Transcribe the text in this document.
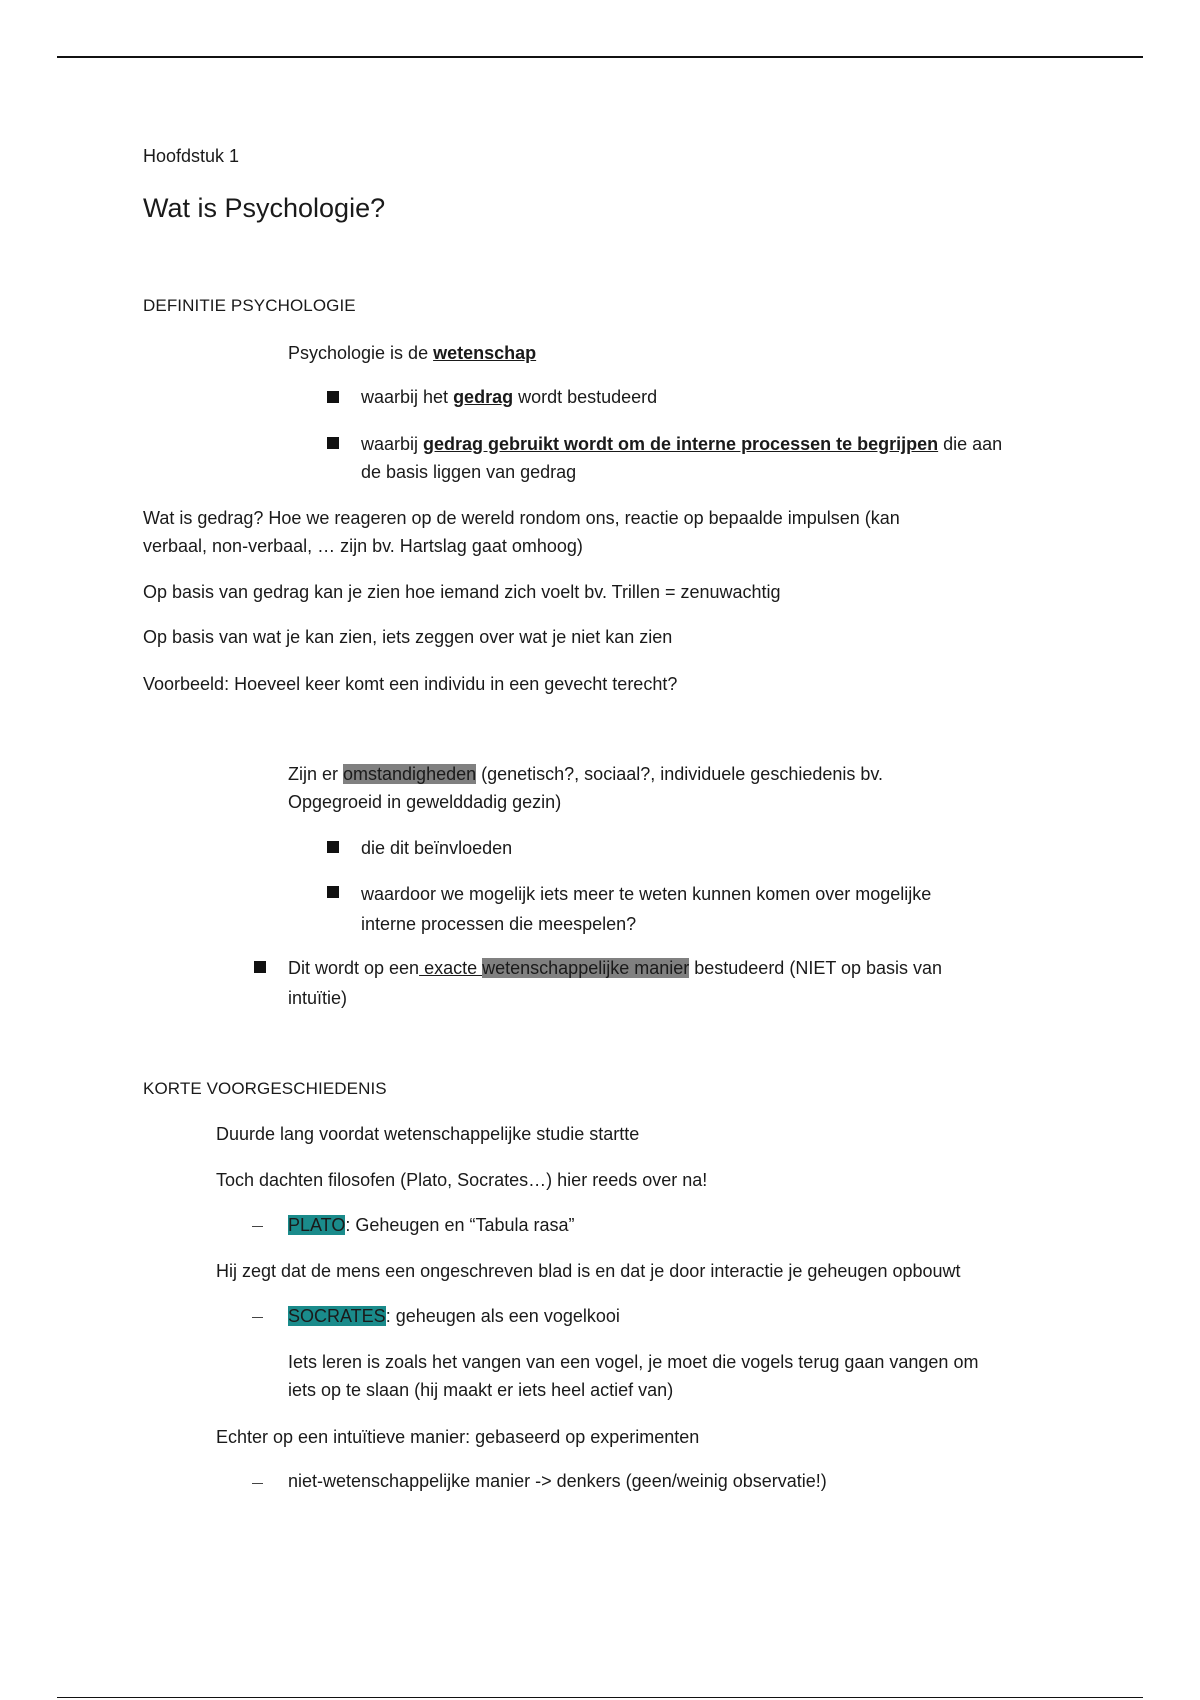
Hoofdstuk 1
Wat is Psychologie?
DEFINITIE PSYCHOLOGIE
Psychologie is de wetenschap
waarbij het gedrag wordt bestudeerd
waarbij gedrag gebruikt wordt om de interne processen te begrijpen die aan
de basis liggen van gedrag
Wat is gedrag? Hoe we reageren op de wereld rondom ons, reactie op bepaalde impulsen (kan
verbaal, non-verbaal, … zijn bv. Hartslag gaat omhoog)
Op basis van gedrag kan je zien hoe iemand zich voelt bv. Trillen = zenuwachtig
Op basis van wat je kan zien, iets zeggen over wat je niet kan zien
Voorbeeld: Hoeveel keer komt een individu in een gevecht terecht?
Zijn er omstandigheden (genetisch?, sociaal?, individuele geschiedenis bv.
Opgegroeid in gewelddadig gezin)
die dit beïnvloeden
waardoor we mogelijk iets meer te weten kunnen komen over mogelijke
interne processen die meespelen?
Dit wordt op een exacte wetenschappelijke manier bestudeerd (NIET op basis van
intuïtie)
KORTE VOORGESCHIEDENIS
Duurde lang voordat wetenschappelijke studie startte
Toch dachten filosofen (Plato, Socrates…) hier reeds over na!
PLATO: Geheugen en “Tabula rasa”
Hij zegt dat de mens een ongeschreven blad is en dat je door interactie je geheugen opbouwt
SOCRATES: geheugen als een vogelkooi
Iets leren is zoals het vangen van een vogel, je moet die vogels terug gaan vangen om
iets op te slaan (hij maakt er iets heel actief van)
Echter op een intuïtieve manier: gebaseerd op experimenten
niet-wetenschappelijke manier -> denkers (geen/weinig observatie!)
